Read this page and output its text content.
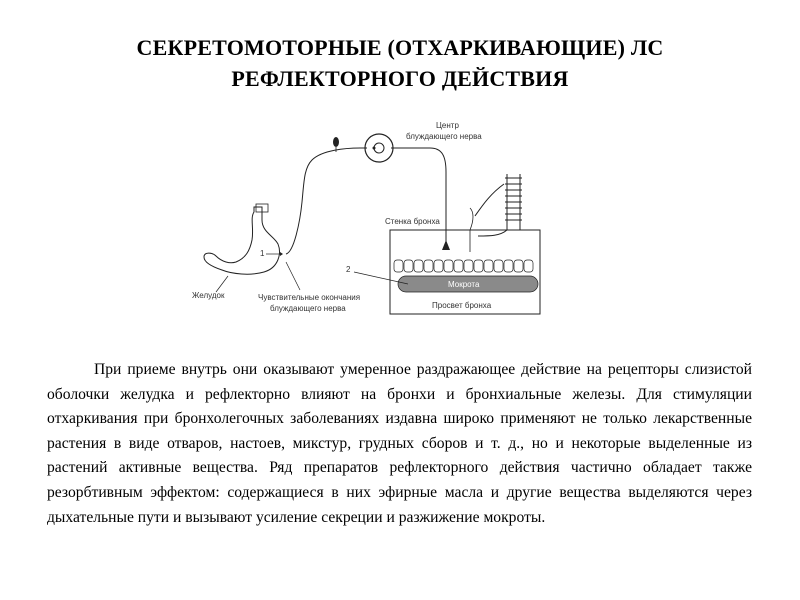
СЕКРЕТОМОТОРНЫЕ (ОТХАРКИВАЮЩИЕ) ЛС
РЕФЛЕКТОРНОГО ДЕЙСТВИЯ
1
Центр
блуждающего нерва
Стенка бронха
Мокрота
2
Просвет бронха
Желудок	Чувствительные окончания
блуждающего нерва
При приеме внутрь они оказывают умеренное раздражающее действие на рецепторы слизистой оболочки желудка и рефлекторно влияют на бронхи и бронхиальные железы. Для стимуляции отхаркивания при бронхолегочных заболеваниях издавна широко применяют не только лекарственные растения в виде отваров, настоев, микстур, грудных сборов и т. д., но и некоторые выделенные из растений активные вещества. Ряд препаратов рефлекторного действия частично обладает также резорбтивным эффектом: содержащиеся в них эфирные масла и другие вещества выделяются через дыхательные пути и вызывают усиление секреции и разжижение мокроты.
